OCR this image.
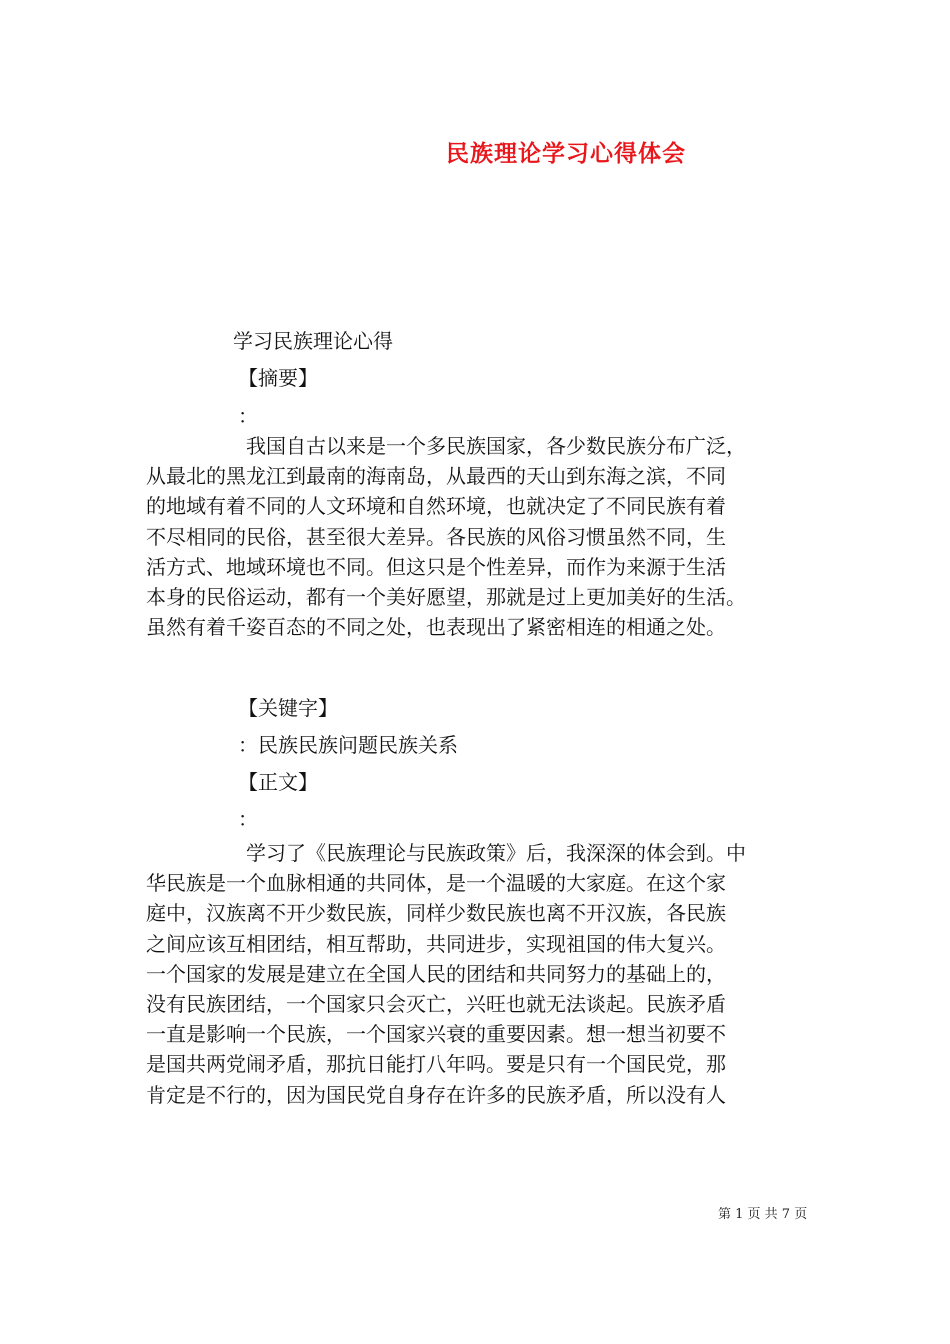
民族理论学习心得体会
学习民族理论心得
【摘要】
：
我国自古以来是一个多民族国家，各少数民族分布广泛，
从最北的黑龙江到最南的海南岛，从最西的天山到东海之滨，不同
的地域有着不同的人文环境和自然环境，也就决定了不同民族有着
不尽相同的民俗，甚至很大差异。各民族的风俗习惯虽然不同，生
活方式、地域环境也不同。但这只是个性差异，而作为来源于生活
本身的民俗运动，都有一个美好愿望，那就是过上更加美好的生活。
虽然有着千姿百态的不同之处，也表现出了紧密相连的相通之处。
【关键字】
：民族民族问题民族关系
【正文】
：
学习了《民族理论与民族政策》后，我深深的体会到。中
华民族是一个血脉相通的共同体，是一个温暖的大家庭。在这个家
庭中，汉族离不开少数民族，同样少数民族也离不开汉族，各民族
之间应该互相团结，相互帮助，共同进步，实现祖国的伟大复兴。
一个国家的发展是建立在全国人民的团结和共同努力的基础上的，
没有民族团结，一个国家只会灭亡，兴旺也就无法谈起。民族矛盾
一直是影响一个民族，一个国家兴衰的重要因素。想一想当初要不
是国共两党闹矛盾，那抗日能打八年吗。要是只有一个国民党，那
肯定是不行的，因为国民党自身存在许多的民族矛盾，所以没有人
第 1 页 共 7 页
